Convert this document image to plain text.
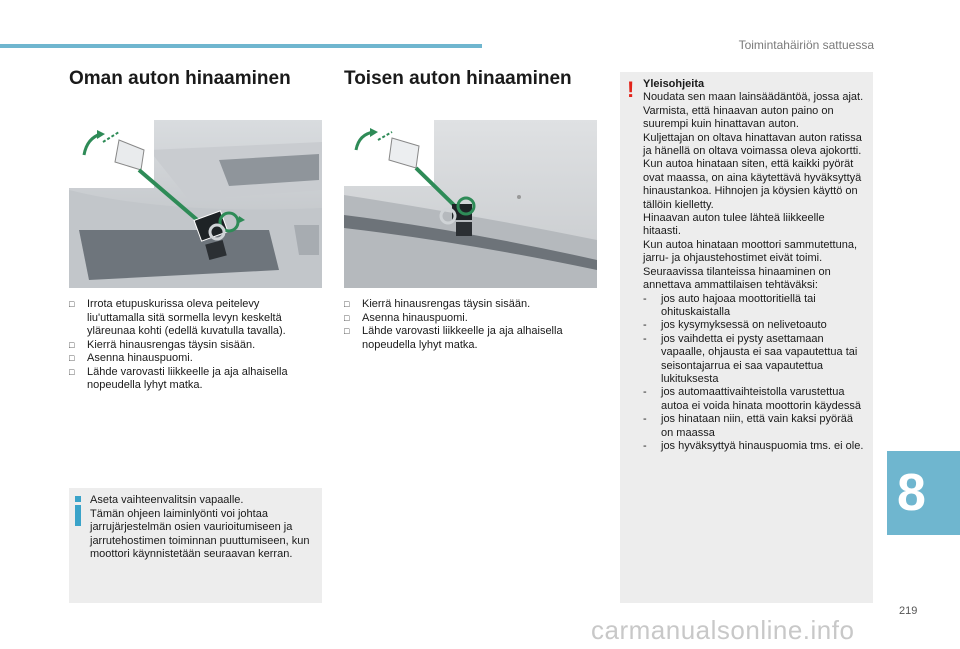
Toimintahäiriön sattuessa
Oman auton hinaaminen
□ Irrota etupuskurissa oleva peitelevy liu'uttamalla sitä sormella levyn keskeltä yläreunaa kohti (edellä kuvatulla tavalla).
□ Kierrä hinausrengas täysin sisään.
□ Asenna hinauspuomi.
□ Lähde varovasti liikkeelle ja aja alhaisella nopeudella lyhyt matka.
Aseta vaihteenvalitsin vapaalle.
Tämän ohjeen laiminlyönti voi johtaa jarrujärjestelmän osien vaurioitumiseen ja jarrutehostimen toiminnan puuttumiseen, kun moottori käynnistetään seuraavan kerran.
Toisen auton hinaaminen
□ Kierrä hinausrengas täysin sisään.
□ Asenna hinauspuomi.
□ Lähde varovasti liikkeelle ja aja alhaisella nopeudella lyhyt matka.
! Yleisohjeita
Noudata sen maan lainsäädäntöä, jossa ajat.
Varmista, että hinaavan auton paino on suurempi kuin hinattavan auton.
Kuljettajan on oltava hinattavan auton ratissa ja hänellä on oltava voimassa oleva ajokortti.
Kun autoa hinataan siten, että kaikki pyörät ovat maassa, on aina käytettävä hyväksyttyä hinaustankoa. Hihnojen ja köysien käyttö on tällöin kielletty.
Hinaavan auton tulee lähteä liikkeelle hitaasti.
Kun autoa hinataan moottori sammutettuna, jarru- ja ohjaustehostimet eivät toimi.
Seuraavissa tilanteissa hinaaminen on annettava ammattilaisen tehtäväksi:
- jos auto hajoaa moottoritiellä tai ohituskaistalla
- jos kysymyksessä on nelivetoauto
- jos vaihdetta ei pysty asettamaan vapaalle, ohjausta ei saa vapautettua tai seisontajarrua ei saa vapautettua lukituksesta
- jos automaattivaihteistolla varustettua autoa ei voida hinata moottorin käydessä
- jos hinataan niin, että vain kaksi pyörää on maassa
- jos hyväksyttyä hinauspuomia tms. ei ole.
8
219
carmanualsonline.info
